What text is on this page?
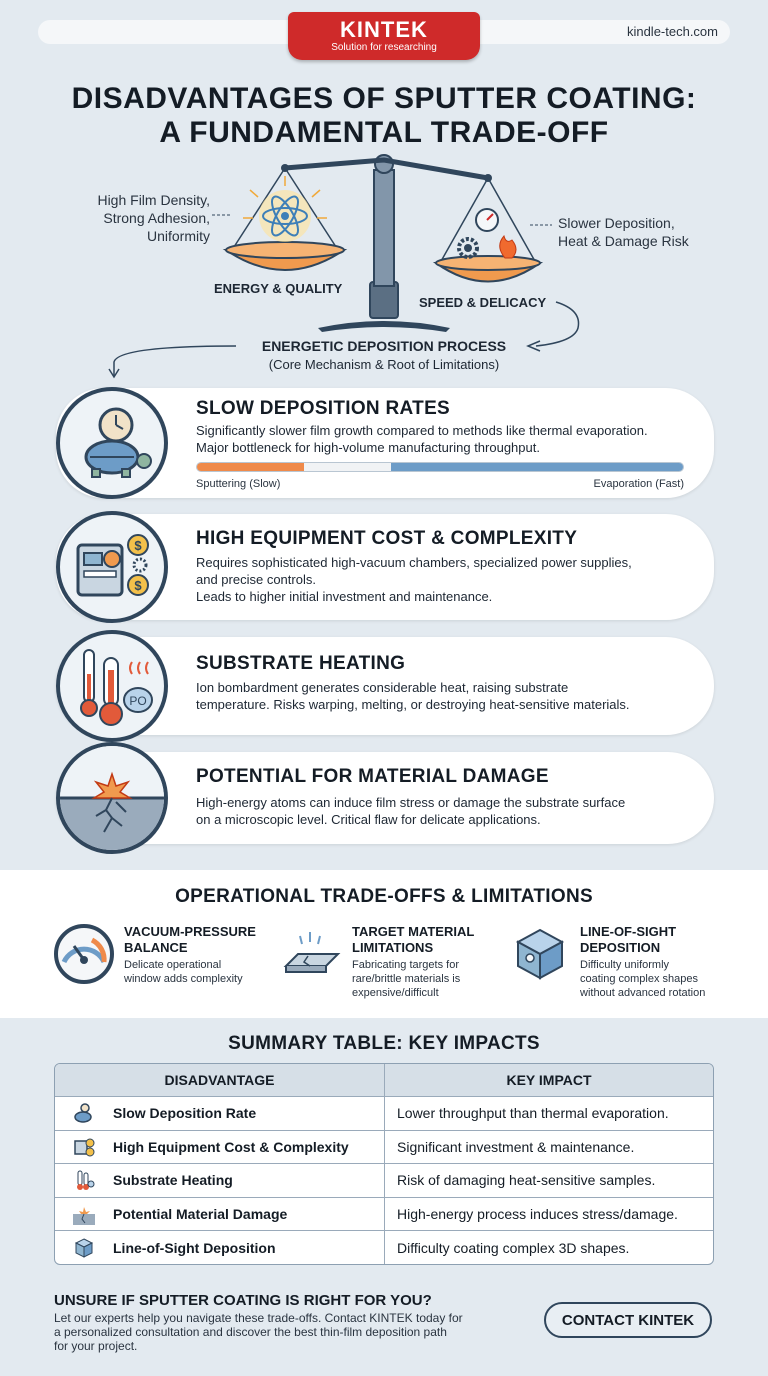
kindle-tech.com
KINTEK
Solution for researching
DISADVANTAGES OF SPUTTER COATING:
A FUNDAMENTAL TRADE-OFF
High Film Density,
Strong Adhesion,
Uniformity
Slower Deposition,
Heat & Damage Risk
ENERGY & QUALITY
SPEED & DELICACY
ENERGETIC DEPOSITION PROCESS
(Core Mechanism & Root of Limitations)
SLOW DEPOSITION RATES
Significantly slower film growth compared to methods like thermal evaporation.
Major bottleneck for high-volume manufacturing throughput.
Sputtering (Slow)	Evaporation (Fast)
$
$
HIGH EQUIPMENT COST & COMPLEXITY
Requires sophisticated high-vacuum chambers, specialized power supplies,
and precise controls.
Leads to higher initial investment and maintenance.
PO
SUBSTRATE HEATING
Ion bombardment generates considerable heat, raising substrate
temperature. Risks warping, melting, or destroying heat-sensitive materials.
POTENTIAL FOR MATERIAL DAMAGE
High-energy atoms can induce film stress or damage the substrate surface
on a microscopic level. Critical flaw for delicate applications.
OPERATIONAL TRADE-OFFS & LIMITATIONS
VACUUM-PRESSURE
BALANCE
Delicate operational
window adds complexity
TARGET MATERIAL
LIMITATIONS
Fabricating targets for
rare/brittle materials is
expensive/difficult
LINE-OF-SIGHT
DEPOSITION
Difficulty uniformly
coating complex shapes
without advanced rotation
SUMMARY TABLE: KEY IMPACTS
DISADVANTAGE	KEY IMPACT
Slow Deposition Rate	Lower throughput than thermal evaporation.
High Equipment Cost & Complexity	Significant investment & maintenance.
Substrate Heating	Risk of damaging heat-sensitive samples.
Potential Material Damage	High-energy process induces stress/damage.
Line-of-Sight Deposition	Difficulty coating complex 3D shapes.
UNSURE IF SPUTTER COATING IS RIGHT FOR YOU?
Let our experts help you navigate these trade-offs. Contact KINTEK today for
a personalized consultation and discover the best thin-film deposition path
for your project.
CONTACT KINTEK
